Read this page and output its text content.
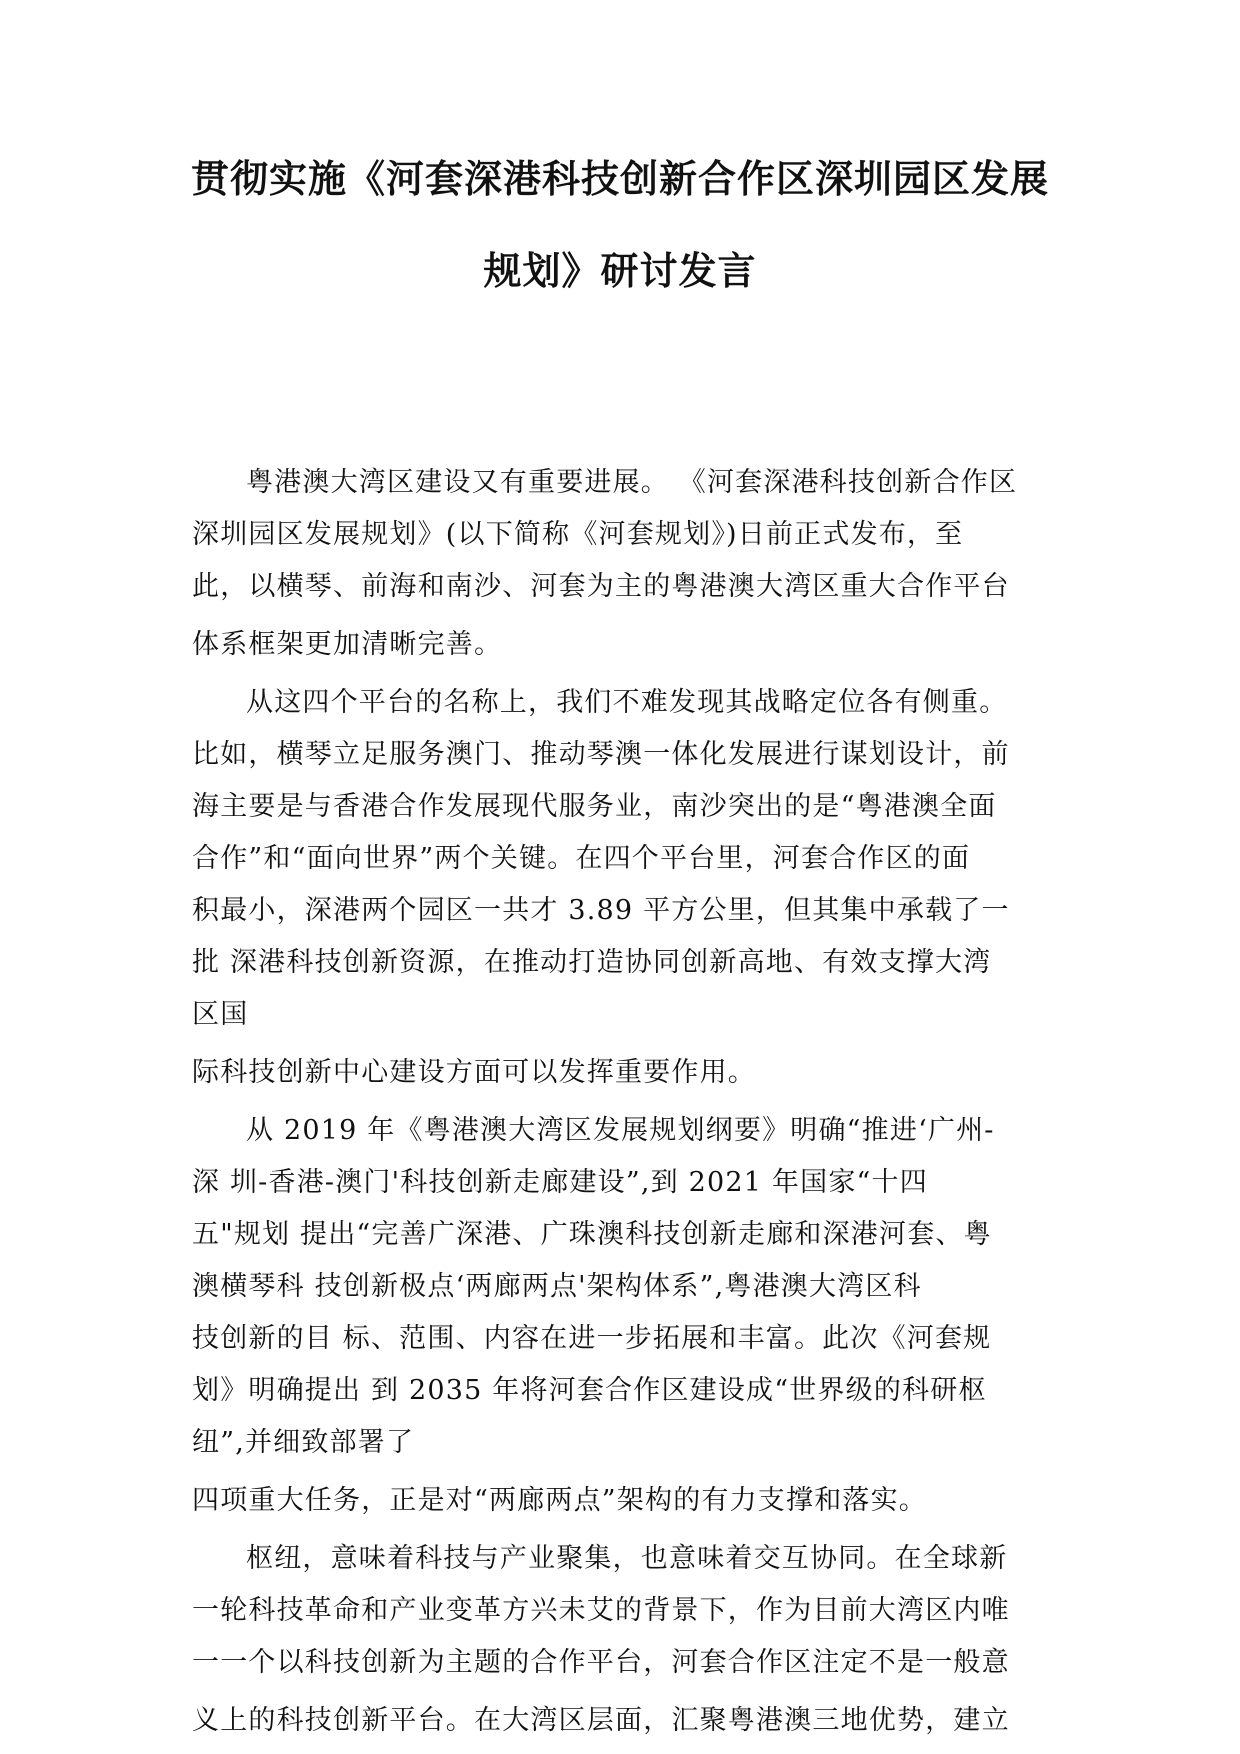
贯彻实施《河套深港科技创新合作区深圳园区发展
规划》研讨发言
粤港澳大湾区建设又有重要进展。 《河套深港科技创新合作区
深圳园区发展规划》(以下简称《河套规划》)日前正式发布，至
此，以横琴、前海和南沙、河套为主的粤港澳大湾区重大合作平台
体系框架更加清晰完善。
从这四个平台的名称上，我们不难发现其战略定位各有侧重。
比如，横琴立足服务澳门、推动琴澳一体化发展进行谋划设计，前
海主要是与香港合作发展现代服务业，南沙突出的是“粤港澳全面
合作”和“面向世界”两个关键。在四个平台里，河套合作区的面
积最小，深港两个园区一共才 3.89 平方公里，但其集中承载了一
批 深港科技创新资源，在推动打造协同创新高地、有效支撑大湾
区国
际科技创新中心建设方面可以发挥重要作用。
从 2019 年《粤港澳大湾区发展规划纲要》明确“推进‘广州-
深 圳-香港-澳门'科技创新走廊建设”,到 2021 年国家“十四
五"规划 提出“完善广深港、广珠澳科技创新走廊和深港河套、粤
澳横琴科 技创新极点‘两廊两点'架构体系”,粤港澳大湾区科
技创新的目 标、范围、内容在进一步拓展和丰富。此次《河套规
划》明确提出 到 2035 年将河套合作区建设成“世界级的科研枢
纽”,并细致部署了
四项重大任务，正是对“两廊两点”架构的有力支撑和落实。
枢纽，意味着科技与产业聚集，也意味着交互协同。在全球新
一轮科技革命和产业变革方兴未艾的背景下，作为目前大湾区内唯
一一个以科技创新为主题的合作平台，河套合作区注定不是一般意
义上的科技创新平台。在大湾区层面，汇聚粤港澳三地优势，建立
